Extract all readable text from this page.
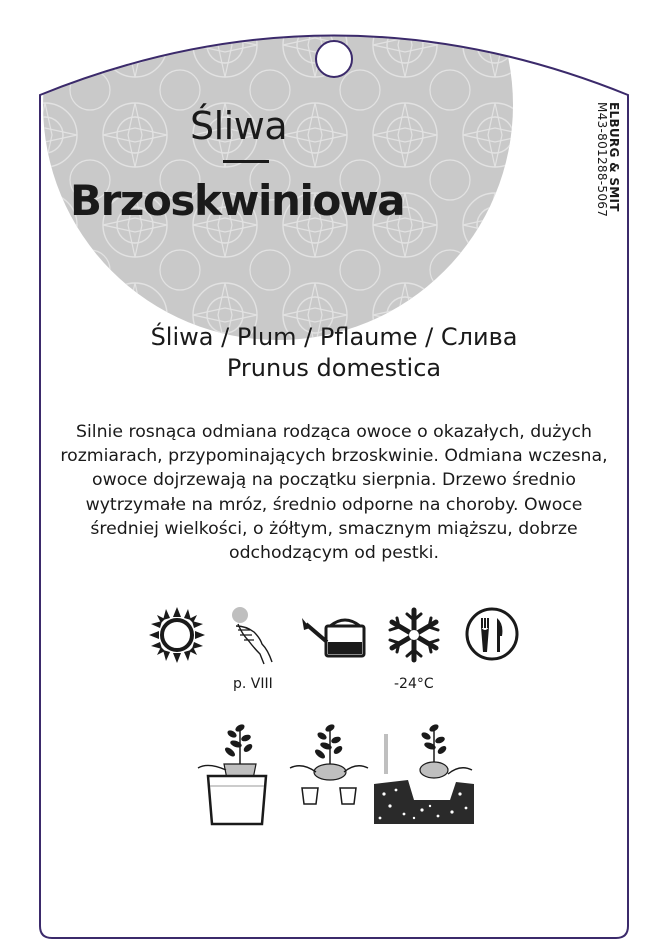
Śliwa
Brzoskwiniowa	ELBURG & SMIT M43-801288-5067
Śliwa / Plum / Pflaume / Слива
Prunus domestica
Silnie rosnąca odmiana rodząca owoce o okazałych, dużych rozmiarach, przypominających brzoskwinie. Odmiana wczesna, owoce dojrzewają na początku sierpnia. Drzewo średnio wytrzymałe na mróz, średnio odporne na choroby. Owoce średniej wielkości, o żółtym, smacznym miąższu, dobrze odchodzącym od pestki.
p. VIII	-24°C
